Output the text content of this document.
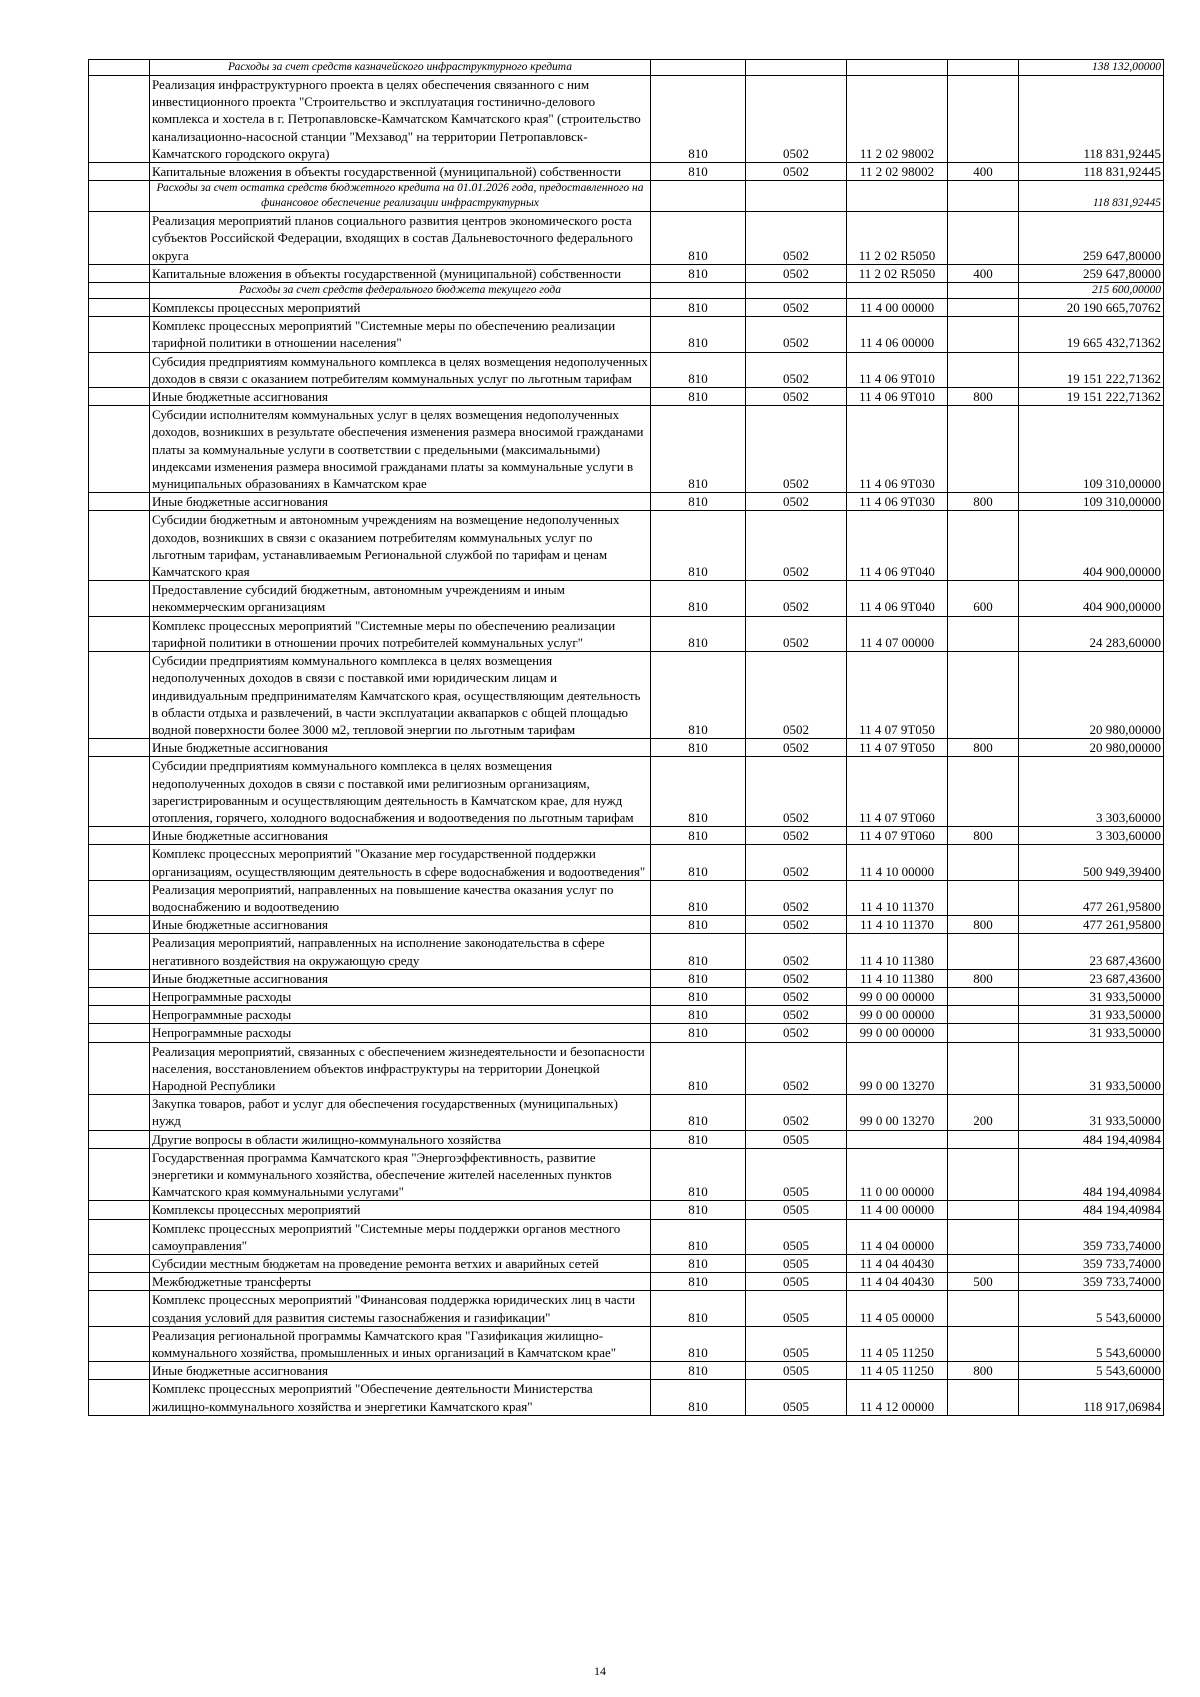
	Расходы за счет средств казначейского инфраструктурного кредита					138 132,00000
	Реализация инфраструктурного проекта в целях обеспечения связанного с ним инвестиционного проекта "Строительство и эксплуатация гостинично-делового комплекса и хостела в г. Петропавловске-Камчатском Камчатского края" (строительство канализационно-насосной станции "Мехзавод" на территории Петропавловск-Камчатского городского округа)	810	0502	11 2 02 98002		118 831,92445
	Капитальные вложения в объекты государственной (муниципальной) собственности	810	0502	11 2 02 98002	400	118 831,92445
	Расходы за счет остатка средств бюджетного кредита на 01.01.2026 года, предоставленного на финансовое обеспечение реализации инфраструктурных					118 831,92445
	Реализация мероприятий планов социального развития центров экономического роста субъектов Российской Федерации, входящих в состав Дальневосточного федерального округа	810	0502	11 2 02 R5050		259 647,80000
	Капитальные вложения в объекты государственной (муниципальной) собственности	810	0502	11 2 02 R5050	400	259 647,80000
	Расходы за счет средств федерального бюджета текущего года					215 600,00000
	Комплексы процессных мероприятий	810	0502	11 4 00 00000		20 190 665,70762
	Комплекс процессных мероприятий "Системные меры по обеспечению реализации тарифной политики в отношении населения"	810	0502	11 4 06 00000		19 665 432,71362
	Субсидия предприятиям коммунального комплекса в целях возмещения недополученных доходов в связи с оказанием потребителям коммунальных услуг по льготным тарифам	810	0502	11 4 06 9Т010		19 151 222,71362
	Иные бюджетные ассигнования	810	0502	11 4 06 9Т010	800	19 151 222,71362
	Субсидии исполнителям коммунальных услуг в целях возмещения недополученных доходов, возникших в результате обеспечения изменения размера вносимой гражданами платы за коммунальные услуги в соответствии с предельными (максимальными) индексами изменения размера вносимой гражданами платы за коммунальные услуги в муниципальных образованиях в Камчатском крае	810	0502	11 4 06 9Т030		109 310,00000
	Иные бюджетные ассигнования	810	0502	11 4 06 9Т030	800	109 310,00000
	Субсидии бюджетным и автономным учреждениям на возмещение недополученных доходов, возникших в связи с оказанием потребителям коммунальных услуг по льготным тарифам, устанавливаемым Региональной службой по тарифам и ценам Камчатского края	810	0502	11 4 06 9Т040		404 900,00000
	Предоставление субсидий бюджетным, автономным учреждениям и иным некоммерческим организациям	810	0502	11 4 06 9Т040	600	404 900,00000
	Комплекс процессных мероприятий "Системные меры по обеспечению реализации тарифной политики в отношении прочих потребителей коммунальных услуг"	810	0502	11 4 07 00000		24 283,60000
	Субсидии предприятиям коммунального комплекса в целях возмещения недополученных доходов в связи с поставкой ими юридическим лицам и индивидуальным предпринимателям Камчатского края, осуществляющим деятельность в области отдыха и развлечений, в части эксплуатации аквапарков с общей площадью водной поверхности более 3000 м2, тепловой энергии по льготным тарифам	810	0502	11 4 07 9Т050		20 980,00000
	Иные бюджетные ассигнования	810	0502	11 4 07 9Т050	800	20 980,00000
	Субсидии предприятиям коммунального комплекса в целях возмещения недополученных доходов в связи с поставкой ими религиозным организациям, зарегистрированным и осуществляющим деятельность в Камчатском крае, для нужд отопления, горячего, холодного водоснабжения и водоотведения по льготным тарифам	810	0502	11 4 07 9Т060		3 303,60000
	Иные бюджетные ассигнования	810	0502	11 4 07 9Т060	800	3 303,60000
	Комплекс процессных мероприятий "Оказание мер государственной поддержки организациям, осуществляющим деятельность в сфере водоснабжения и водоотведения"	810	0502	11 4 10 00000		500 949,39400
	Реализация мероприятий, направленных на повышение качества оказания услуг по водоснабжению и водоотведению	810	0502	11 4 10 11370		477 261,95800
	Иные бюджетные ассигнования	810	0502	11 4 10 11370	800	477 261,95800
	Реализация мероприятий, направленных на исполнение законодательства в сфере негативного воздействия на окружающую среду	810	0502	11 4 10 11380		23 687,43600
	Иные бюджетные ассигнования	810	0502	11 4 10 11380	800	23 687,43600
	Непрограммные расходы	810	0502	99 0 00 00000		31 933,50000
	Непрограммные расходы	810	0502	99 0 00 00000		31 933,50000
	Непрограммные расходы	810	0502	99 0 00 00000		31 933,50000
	Реализация мероприятий, связанных с обеспечением жизнедеятельности и безопасности населения, восстановлением объектов инфраструктуры на территории Донецкой Народной Республики	810	0502	99 0 00 13270		31 933,50000
	Закупка товаров, работ и услуг для обеспечения государственных (муниципальных) нужд	810	0502	99 0 00 13270	200	31 933,50000
	Другие вопросы в области жилищно-коммунального хозяйства	810	0505			484 194,40984
	Государственная программа Камчатского края "Энергоэффективность, развитие энергетики и коммунального хозяйства, обеспечение жителей населенных пунктов Камчатского края коммунальными услугами"	810	0505	11 0 00 00000		484 194,40984
	Комплексы процессных мероприятий	810	0505	11 4 00 00000		484 194,40984
	Комплекс процессных мероприятий "Системные меры поддержки органов местного самоуправления"	810	0505	11 4 04 00000		359 733,74000
	Субсидии местным бюджетам на проведение ремонта ветхих и аварийных сетей	810	0505	11 4 04 40430		359 733,74000
	Межбюджетные трансферты	810	0505	11 4 04 40430	500	359 733,74000
	Комплекс процессных мероприятий "Финансовая поддержка юридических лиц в части создания условий для развития системы газоснабжения и газификации"	810	0505	11 4 05 00000		5 543,60000
	Реализация региональной программы Камчатского края "Газификация жилищно-коммунального хозяйства, промышленных и иных организаций в Камчатском крае"	810	0505	11 4 05 11250		5 543,60000
	Иные бюджетные ассигнования	810	0505	11 4 05 11250	800	5 543,60000
	Комплекс процессных мероприятий "Обеспечение деятельности Министерства жилищно-коммунального хозяйства и энергетики Камчатского края"	810	0505	11 4 12 00000		118 917,06984
14
